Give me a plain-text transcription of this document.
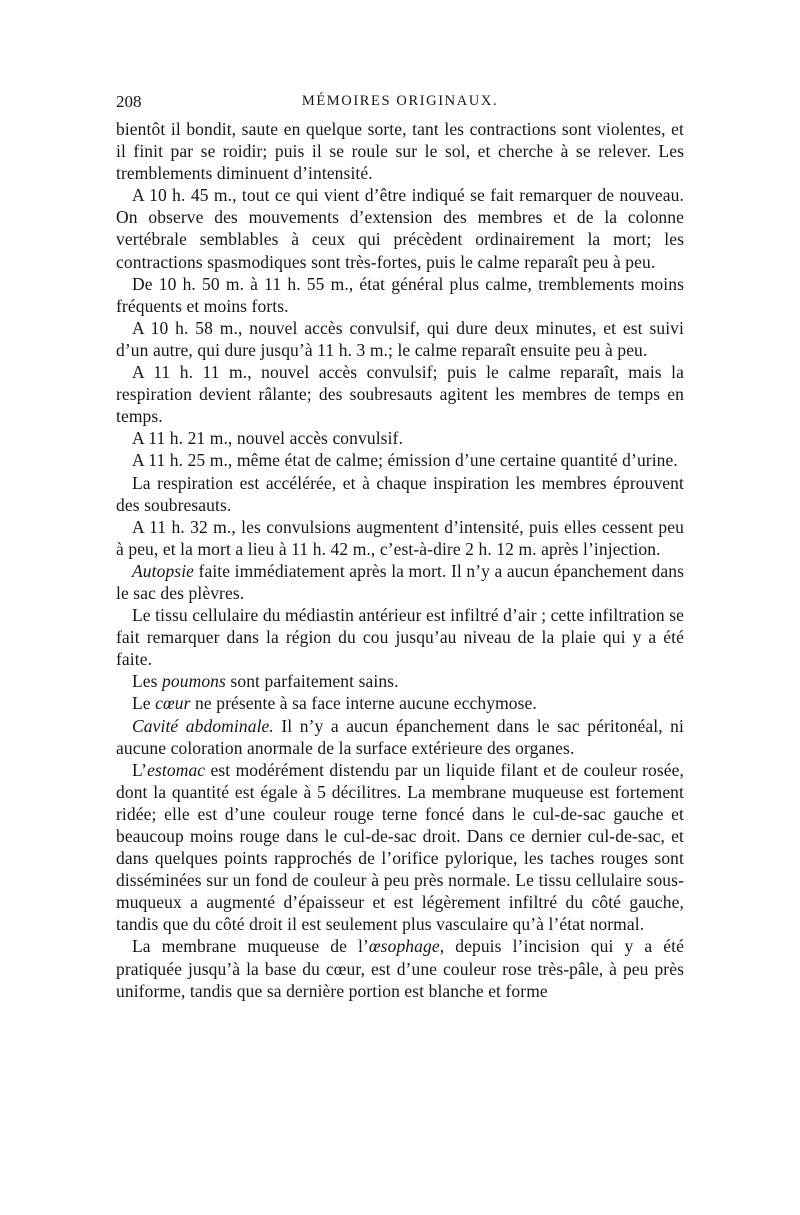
208	MÉMOIRES ORIGINAUX.

bientôt il bondit, saute en quelque sorte, tant les contractions sont violentes, et il finit par se roidir; puis il se roule sur le sol, et cherche à se relever. Les tremblements diminuent d’intensité.

A 10 h. 45 m., tout ce qui vient d’être indiqué se fait remarquer de nouveau. On observe des mouvements d’extension des membres et de la colonne vertébrale semblables à ceux qui précèdent ordinairement la mort; les contractions spasmodiques sont très-fortes, puis le calme reparaît peu à peu.

De 10 h. 50 m. à 11 h. 55 m., état général plus calme, tremblements moins fréquents et moins forts.

A 10 h. 58 m., nouvel accès convulsif, qui dure deux minutes, et est suivi d’un autre, qui dure jusqu’à 11 h. 3 m.; le calme reparaît ensuite peu à peu.

A 11 h. 11 m., nouvel accès convulsif; puis le calme reparaît, mais la respiration devient râlante; des soubresauts agitent les membres de temps en temps.

A 11 h. 21 m., nouvel accès convulsif.

A 11 h. 25 m., même état de calme; émission d’une certaine quantité d’urine.

La respiration est accélérée, et à chaque inspiration les membres éprouvent des soubresauts.

A 11 h. 32 m., les convulsions augmentent d’intensité, puis elles cessent peu à peu, et la mort a lieu à 11 h. 42 m., c’est-à-dire 2 h. 12 m. après l’injection.

Autopsie faite immédiatement après la mort. Il n’y a aucun épanchement dans le sac des plèvres.

Le tissu cellulaire du médiastin antérieur est infiltré d’air ; cette infiltration se fait remarquer dans la région du cou jusqu’au niveau de la plaie qui y a été faite.

Les poumons sont parfaitement sains.

Le cœur ne présente à sa face interne aucune ecchymose.

Cavité abdominale. Il n’y a aucun épanchement dans le sac péritonéal, ni aucune coloration anormale de la surface extérieure des organes.

L’estomac est modérément distendu par un liquide filant et de couleur rosée, dont la quantité est égale à 5 décilitres. La membrane muqueuse est fortement ridée; elle est d’une couleur rouge terne foncé dans le cul-de-sac gauche et beaucoup moins rouge dans le cul-de-sac droit. Dans ce dernier cul-de-sac, et dans quelques points rapprochés de l’orifice pylorique, les taches rouges sont disséminées sur un fond de couleur à peu près normale. Le tissu cellulaire sous-muqueux a augmenté d’épaisseur et est légèrement infiltré du côté gauche, tandis que du côté droit il est seulement plus vasculaire qu’à l’état normal.

La membrane muqueuse de l’œsophage, depuis l’incision qui y a été pratiquée jusqu’à la base du cœur, est d’une couleur rose très-pâle, à peu près uniforme, tandis que sa dernière portion est blanche et forme
